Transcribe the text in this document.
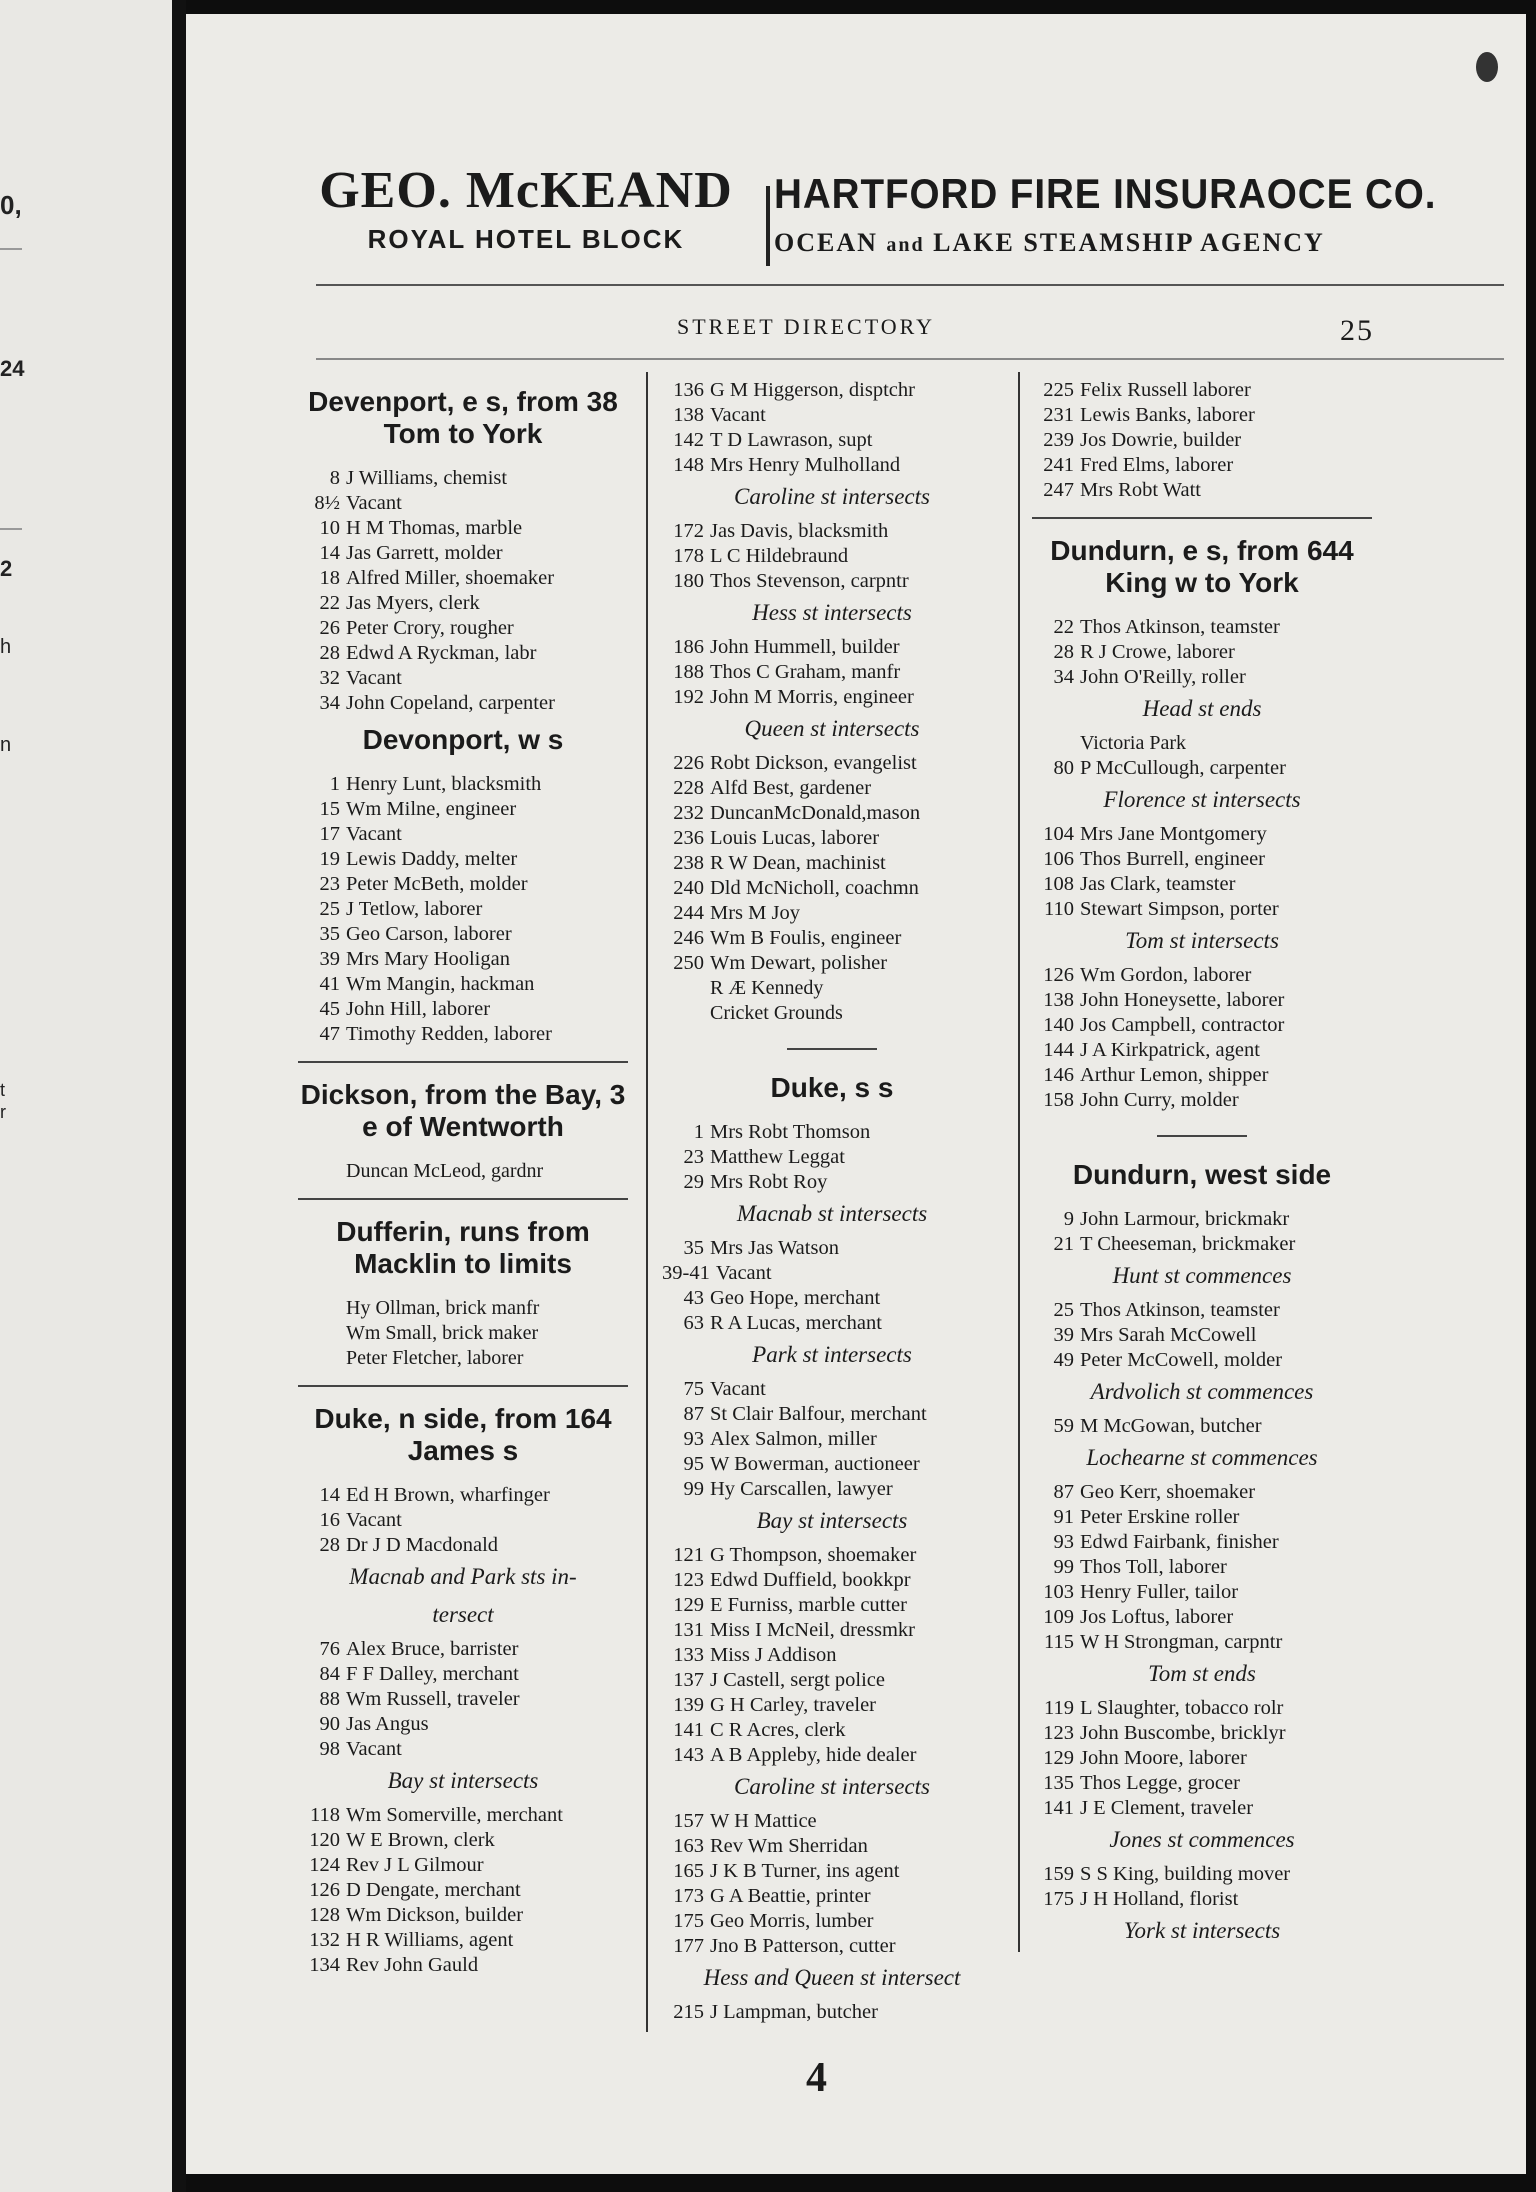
0,
24
2
h
n
t
r
GEO. McKEAND
ROYAL HOTEL BLOCK
HARTFORD FIRE INSURAOCE CO.
OCEAN and LAKE STEAMSHIP AGENCY
STREET DIRECTORY	25
Devenport, e s, from 38 Tom to York
8 J Williams, chemist
8½ Vacant
10 H M Thomas, marble
14 Jas Garrett, molder
18 Alfred Miller, shoemaker
22 Jas Myers, clerk
26 Peter Crory, rougher
28 Edwd A Ryckman, labr
32 Vacant
34 John Copeland, carpenter
Devonport, w s
1 Henry Lunt, blacksmith
15 Wm Milne, engineer
17 Vacant
19 Lewis Daddy, melter
23 Peter McBeth, molder
25 J Tetlow, laborer
35 Geo Carson, laborer
39 Mrs Mary Hooligan
41 Wm Mangin, hackman
45 John Hill, laborer
47 Timothy Redden, laborer
Dickson, from the Bay, 3 e of Wentworth
Duncan McLeod, gardnr
Dufferin, runs from Macklin to limits
Hy Ollman, brick manfr
Wm Small, brick maker
Peter Fletcher, laborer
Duke, n side, from 164 James s
14 Ed H Brown, wharfinger
16 Vacant
28 Dr J D Macdonald
Macnab and Park sts in-
tersect
76 Alex Bruce, barrister
84 F F Dalley, merchant
88 Wm Russell, traveler
90 Jas Angus
98 Vacant
Bay st intersects
118 Wm Somerville, merchant
120 W E Brown, clerk
124 Rev J L Gilmour
126 D Dengate, merchant
128 Wm Dickson, builder
132 H R Williams, agent
134 Rev John Gauld
136 G M Higgerson, disptchr
138 Vacant
142 T D Lawrason, supt
148 Mrs Henry Mulholland
Caroline st intersects
172 Jas Davis, blacksmith
178 L C Hildebraund
180 Thos Stevenson, carpntr
Hess st intersects
186 John Hummell, builder
188 Thos C Graham, manfr
192 John M Morris, engineer
Queen st intersects
226 Robt Dickson, evangelist
228 Alfd Best, gardener
232 DuncanMcDonald,mason
236 Louis Lucas, laborer
238 R W Dean, machinist
240 Dld McNicholl, coachmn
244 Mrs M Joy
246 Wm B Foulis, engineer
250 Wm Dewart, polisher
R Æ Kennedy
Cricket Grounds
Duke, s s
1 Mrs Robt Thomson
23 Matthew Leggat
29 Mrs Robt Roy
Macnab st intersects
35 Mrs Jas Watson
39-41 Vacant
43 Geo Hope, merchant
63 R A Lucas, merchant
Park st intersects
75 Vacant
87 St Clair Balfour, merchant
93 Alex Salmon, miller
95 W Bowerman, auctioneer
99 Hy Carscallen, lawyer
Bay st intersects
121 G Thompson, shoemaker
123 Edwd Duffield, bookkpr
129 E Furniss, marble cutter
131 Miss I McNeil, dressmkr
133 Miss J Addison
137 J Castell, sergt police
139 G H Carley, traveler
141 C R Acres, clerk
143 A B Appleby, hide dealer
Caroline st intersects
157 W H Mattice
163 Rev Wm Sherridan
165 J K B Turner, ins agent
173 G A Beattie, printer
175 Geo Morris, lumber
177 Jno B Patterson, cutter
Hess and Queen st intersect
215 J Lampman, butcher
225 Felix Russell laborer
231 Lewis Banks, laborer
239 Jos Dowrie, builder
241 Fred Elms, laborer
247 Mrs Robt Watt
Dundurn, e s, from 644 King w to York
22 Thos Atkinson, teamster
28 R J Crowe, laborer
34 John O'Reilly, roller
Head st ends
Victoria Park
80 P McCullough, carpenter
Florence st intersects
104 Mrs Jane Montgomery
106 Thos Burrell, engineer
108 Jas Clark, teamster
110 Stewart Simpson, porter
Tom st intersects
126 Wm Gordon, laborer
138 John Honeysette, laborer
140 Jos Campbell, contractor
144 J A Kirkpatrick, agent
146 Arthur Lemon, shipper
158 John Curry, molder
Dundurn, west side
9 John Larmour, brickmakr
21 T Cheeseman, brickmaker
Hunt st commences
25 Thos Atkinson, teamster
39 Mrs Sarah McCowell
49 Peter McCowell, molder
Ardvolich st commences
59 M McGowan, butcher
Lochearne st commences
87 Geo Kerr, shoemaker
91 Peter Erskine roller
93 Edwd Fairbank, finisher
99 Thos Toll, laborer
103 Henry Fuller, tailor
109 Jos Loftus, laborer
115 W H Strongman, carpntr
Tom st ends
119 L Slaughter, tobacco rolr
123 John Buscombe, bricklyr
129 John Moore, laborer
135 Thos Legge, grocer
141 J E Clement, traveler
Jones st commences
159 S S King, building mover
175 J H Holland, florist
York st intersects
4
